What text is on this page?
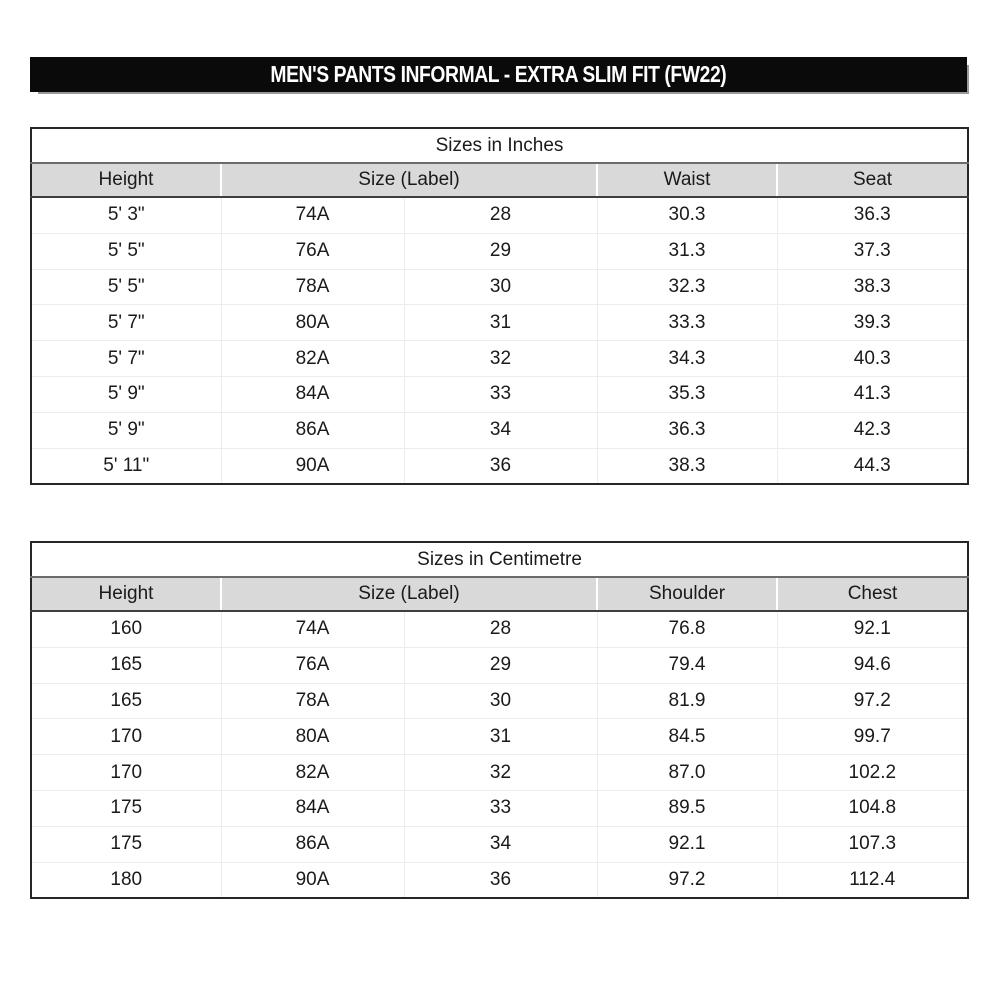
MEN'S PANTS INFORMAL - EXTRA SLIM FIT (FW22)
Sizes in Inches				
Height	Size (Label)		Waist	Seat
5' 3"	74A	28	30.3	36.3
5' 5"	76A	29	31.3	37.3
5' 5"	78A	30	32.3	38.3
5' 7"	80A	31	33.3	39.3
5' 7"	82A	32	34.3	40.3
5' 9"	84A	33	35.3	41.3
5' 9"	86A	34	36.3	42.3
5' 11"	90A	36	38.3	44.3
Sizes in Centimetre				
Height	Size (Label)		Shoulder	Chest
160	74A	28	76.8	92.1
165	76A	29	79.4	94.6
165	78A	30	81.9	97.2
170	80A	31	84.5	99.7
170	82A	32	87.0	102.2
175	84A	33	89.5	104.8
175	86A	34	92.1	107.3
180	90A	36	97.2	112.4
